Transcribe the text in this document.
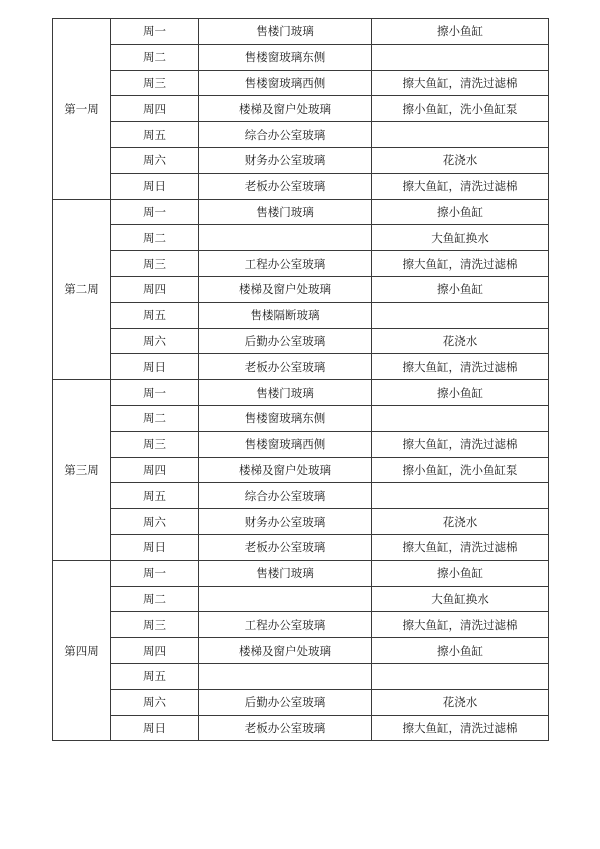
第一周	周一	售楼门玻璃	擦小鱼缸
	周二	售楼窗玻璃东侧	
	周三	售楼窗玻璃西侧	擦大鱼缸，清洗过滤棉
	周四	楼梯及窗户处玻璃	擦小鱼缸，洗小鱼缸泵
	周五	综合办公室玻璃	
	周六	财务办公室玻璃	花浇水
	周日	老板办公室玻璃	擦大鱼缸，清洗过滤棉
第二周	周一	售楼门玻璃	擦小鱼缸
	周二		大鱼缸换水
	周三	工程办公室玻璃	擦大鱼缸，清洗过滤棉
	周四	楼梯及窗户处玻璃	擦小鱼缸
	周五	售楼隔断玻璃	
	周六	后勤办公室玻璃	花浇水
	周日	老板办公室玻璃	擦大鱼缸，清洗过滤棉
第三周	周一	售楼门玻璃	擦小鱼缸
	周二	售楼窗玻璃东侧	
	周三	售楼窗玻璃西侧	擦大鱼缸，清洗过滤棉
	周四	楼梯及窗户处玻璃	擦小鱼缸，洗小鱼缸泵
	周五	综合办公室玻璃	
	周六	财务办公室玻璃	花浇水
	周日	老板办公室玻璃	擦大鱼缸，清洗过滤棉
第四周	周一	售楼门玻璃	擦小鱼缸
	周二		大鱼缸换水
	周三	工程办公室玻璃	擦大鱼缸，清洗过滤棉
	周四	楼梯及窗户处玻璃	擦小鱼缸
	周五		
	周六	后勤办公室玻璃	花浇水
	周日	老板办公室玻璃	擦大鱼缸，清洗过滤棉
